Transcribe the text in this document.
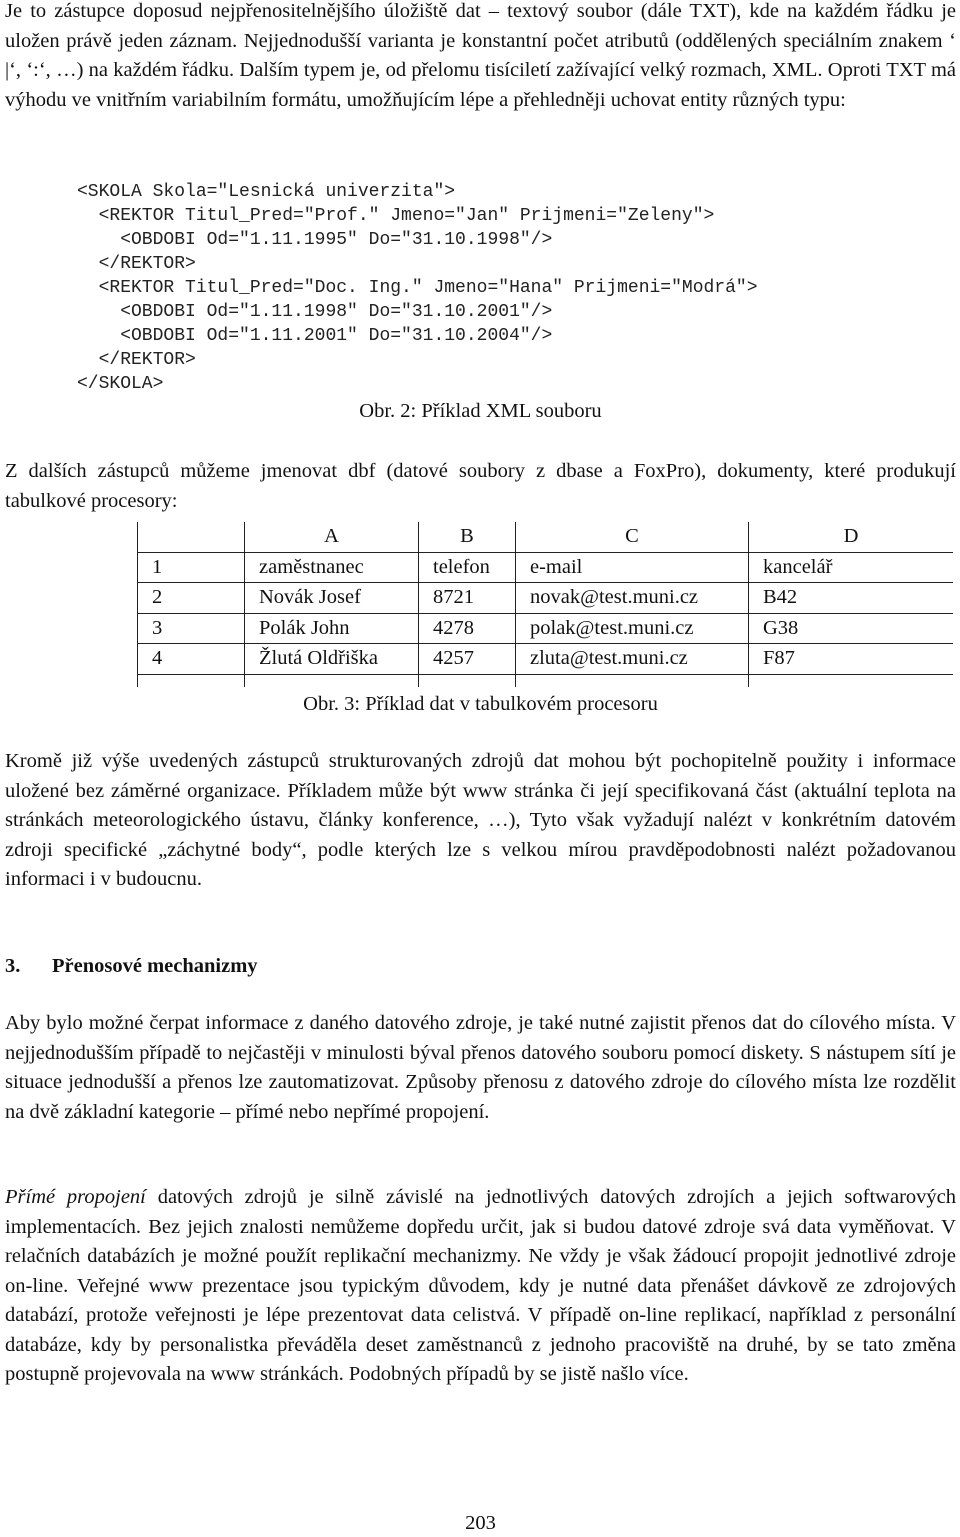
Je to zástupce doposud nejpřenositelnějšího úložiště dat – textový soubor (dále TXT), kde na každém řádku je uložen právě jeden záznam. Nejjednodušší varianta je konstantní počet atributů (oddělených speciálním znakem ‘ |‘, ‘:‘, …) na každém řádku. Dalším typem je, od přelomu tisíciletí zažívající velký rozmach, XML. Oproti TXT má výhodu ve vnitřním variabilním formátu, umožňujícím lépe a přehledněji uchovat entity různých typu:

<SKOLA Skola="Lesnická univerzita">
<REKTOR Titul_Pred="Prof." Jmeno="Jan" Prijmeni="Zeleny">
<OBDOBI Od="1.11.1995" Do="31.10.1998"/>
</REKTOR>
<REKTOR Titul_Pred="Doc. Ing." Jmeno="Hana" Prijmeni="Modrá">
<OBDOBI Od="1.11.1998" Do="31.10.2001"/>
<OBDOBI Od="1.11.2001" Do="31.10.2004"/>
</REKTOR>
</SKOLA>
Obr. 2: Příklad XML souboru

Z dalších zástupců můžeme jmenovat dbf (datové soubory z dbase a FoxPro), dokumenty, které produkují tabulkové procesory:

	A	B	C	D
1	zaměstnanec	telefon	e-mail	kancelář
2	Novák Josef	8721	novak@test.muni.cz	B42
3	Polák John	4278	polak@test.muni.cz	G38
4	Žlutá Oldřiška	4257	zluta@test.muni.cz	F87

Obr. 3: Příklad dat v tabulkovém procesoru

Kromě již výše uvedených zástupců strukturovaných zdrojů dat mohou být pochopitelně použity i informace uložené bez záměrné organizace. Příkladem může být www stránka či její specifikovaná část (aktuální teplota na stránkách meteorologického ústavu, články konference, …), Tyto však vyžadují nalézt v konkrétním datovém zdroji specifické „záchytné body“, podle kterých lze s velkou mírou pravděpodobnosti nalézt požadovanou informaci i v budoucnu.

3. Přenosové mechanizmy

Aby bylo možné čerpat informace z daného datového zdroje, je také nutné zajistit přenos dat do cílového místa. V nejjednodušším případě to nejčastěji v minulosti býval přenos datového souboru pomocí diskety. S nástupem sítí je situace jednodušší a přenos lze zautomatizovat. Způsoby přenosu z datového zdroje do cílového místa lze rozdělit na dvě základní kategorie – přímé nebo nepřímé propojení.

Přímé propojení datových zdrojů je silně závislé na jednotlivých datových zdrojích a jejich softwarových implementacích. Bez jejich znalosti nemůžeme dopředu určit, jak si budou datové zdroje svá data vyměňovat. V relačních databázích je možné použít replikační mechanizmy. Ne vždy je však žádoucí propojit jednotlivé zdroje on-line. Veřejné www prezentace jsou typickým důvodem, kdy je nutné data přenášet dávkově ze zdrojových databází, protože veřejnosti je lépe prezentovat data celistvá. V případě on-line replikací, například z personální databáze, kdy by personalistka převáděla deset zaměstnanců z jednoho pracoviště na druhé, by se tato změna postupně projevovala na www stránkách. Podobných případů by se jistě našlo více.

203
